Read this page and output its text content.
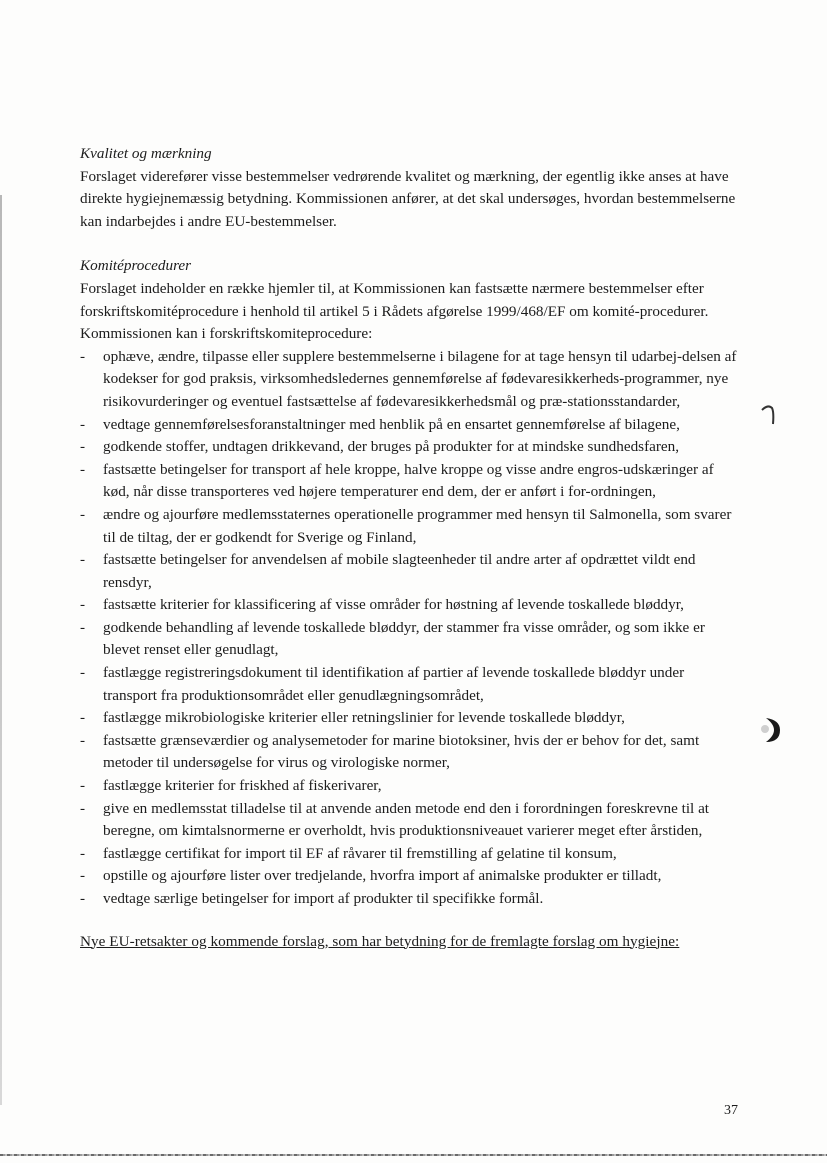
Kvalitet og mærkning

Forslaget viderefører visse bestemmelser vedrørende kvalitet og mærkning, der egentlig ikke anses at have direkte hygiejnemæssig betydning. Kommissionen anfører, at det skal undersøges, hvordan bestemmelserne kan indarbejdes i andre EU-bestemmelser.

Komitéprocedurer

Forslaget indeholder en række hjemler til, at Kommissionen kan fastsætte nærmere bestemmelser efter forskriftskomitéprocedure i henhold til artikel 5 i Rådets afgørelse 1999/468/EF om komité-procedurer. Kommissionen kan i forskriftskomiteprocedure:

- ophæve, ændre, tilpasse eller supplere bestemmelserne i bilagene for at tage hensyn til udarbej-delsen af kodekser for god praksis, virksomhedsledernes gennemførelse af fødevaresikkerheds-programmer, nye risikovurderinger og eventuel fastsættelse af fødevaresikkerhedsmål og præ-stationsstandarder,
- vedtage gennemførelsesforanstaltninger med henblik på en ensartet gennemførelse af bilagene,
- godkende stoffer, undtagen drikkevand, der bruges på produkter for at mindske sundhedsfaren,
- fastsætte betingelser for transport af hele kroppe, halve kroppe og visse andre engros-udskæringer af kød, når disse transporteres ved højere temperaturer end dem, der er anført i for-ordningen,
- ændre og ajourføre medlemsstaternes operationelle programmer med hensyn til Salmonella, som svarer til de tiltag, der er godkendt for Sverige og Finland,
- fastsætte betingelser for anvendelsen af mobile slagteenheder til andre arter af opdrættet vildt end rensdyr,
- fastsætte kriterier for klassificering af visse områder for høstning af levende toskallede bløddyr,
- godkende behandling af levende toskallede bløddyr, der stammer fra visse områder, og som ikke er blevet renset eller genudlagt,
- fastlægge registreringsdokument til identifikation af partier af levende toskallede bløddyr under transport fra produktionsområdet eller genudlægningsområdet,
- fastlægge mikrobiologiske kriterier eller retningslinier for levende toskallede bløddyr,
- fastsætte grænseværdier og analysemetoder for marine biotoksiner, hvis der er behov for det, samt metoder til undersøgelse for virus og virologiske normer,
- fastlægge kriterier for friskhed af fiskerivarer,
- give en medlemsstat tilladelse til at anvende anden metode end den i forordningen foreskrevne til at beregne, om kimtalsnormerne er overholdt, hvis produktionsniveauet varierer meget efter årstiden,
- fastlægge certifikat for import til EF af råvarer til fremstilling af gelatine til konsum,
- opstille og ajourføre lister over tredjelande, hvorfra import af animalske produkter er tilladt,
- vedtage særlige betingelser for import af produkter til specifikke formål.

Nye EU-retsakter og kommende forslag, som har betydning for de fremlagte forslag om hygiejne:

37
